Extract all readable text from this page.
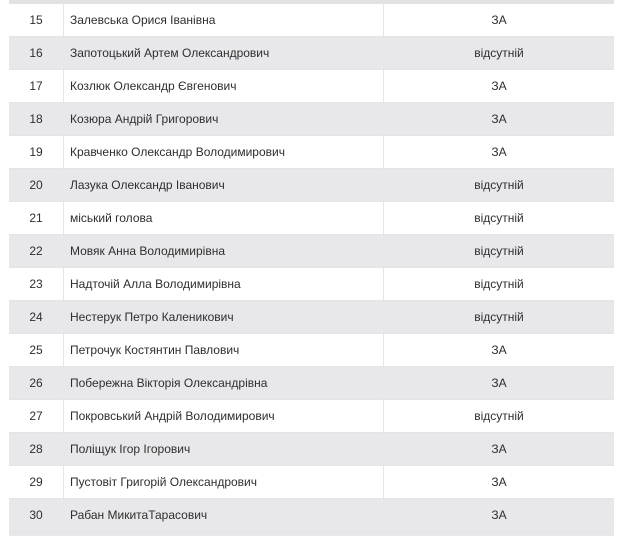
15	Залевська Орися Іванівна	ЗА
16	Запотоцький Артем Олександрович	відсутній
17	Козлюк Олександр Євгенович	ЗА
18	Козюра Андрій Григорович	ЗА
19	Кравченко Олександр Володимирович	ЗА
20	Лазука Олександр Іванович	відсутній
21	міський голова	відсутній
22	Мовяк Анна Володимирівна	відсутній
23	Надточій Алла Володимирівна	відсутній
24	Нестерук Петро Каленикович	відсутній
25	Петрочук Костянтин Павлович	ЗА
26	Побережна Вікторія Олександрівна	ЗА
27	Покровський Андрій Володимирович	відсутній
28	Поліщук Ігор Ігорович	ЗА
29	Пустовіт Григорій Олександрович	ЗА
30	Рабан МикитаТарасович	ЗА
